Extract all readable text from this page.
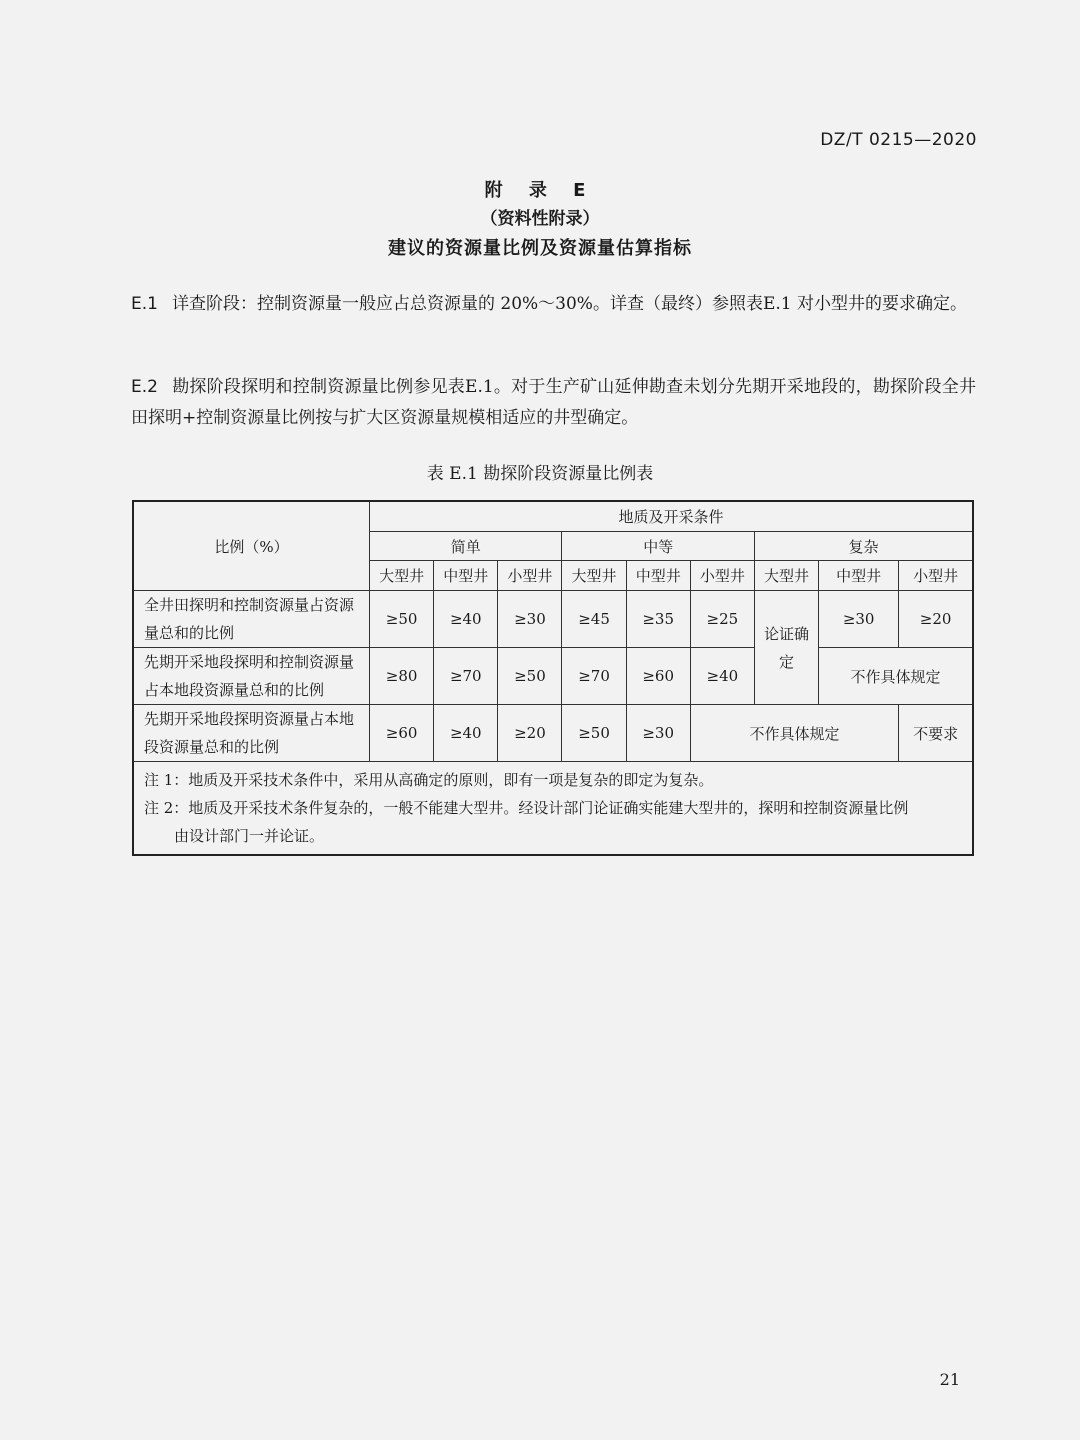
DZ/T 0215—2020
附 录 E
（资料性附录）
建议的资源量比例及资源量估算指标
E.1 详查阶段：控制资源量一般应占总资源量的 20%～30%。详查（最终）参照表E.1 对小型井的要求确定。
E.2 勘探阶段探明和控制资源量比例参见表E.1。对于生产矿山延伸勘查未划分先期开采地段的，勘探阶段全井田探明+控制资源量比例按与扩大区资源量规模相适应的井型确定。
表 E.1 勘探阶段资源量比例表
比例（%）	地质及开采条件								
	简单			中等			复杂		
	大型井	中型井	小型井	大型井	中型井	小型井	大型井	中型井	小型井
全井田探明和控制资源量占资源量总和的比例	≥50	≥40	≥30	≥45	≥35	≥25	论证确定	≥30	≥20
先期开采地段探明和控制资源量占本地段资源量总和的比例	≥80	≥70	≥50	≥70	≥60	≥40		不作具体规定	
先期开采地段探明资源量占本地段资源量总和的比例	≥60	≥40	≥20	≥50	≥30	不作具体规定			不要求

注 1：地质及开采技术条件中，采用从高确定的原则，即有一项是复杂的即定为复杂。
注 2：地质及开采技术条件复杂的，一般不能建大型井。经设计部门论证确实能建大型井的，探明和控制资源量比例
由设计部门一并论证。									
21
